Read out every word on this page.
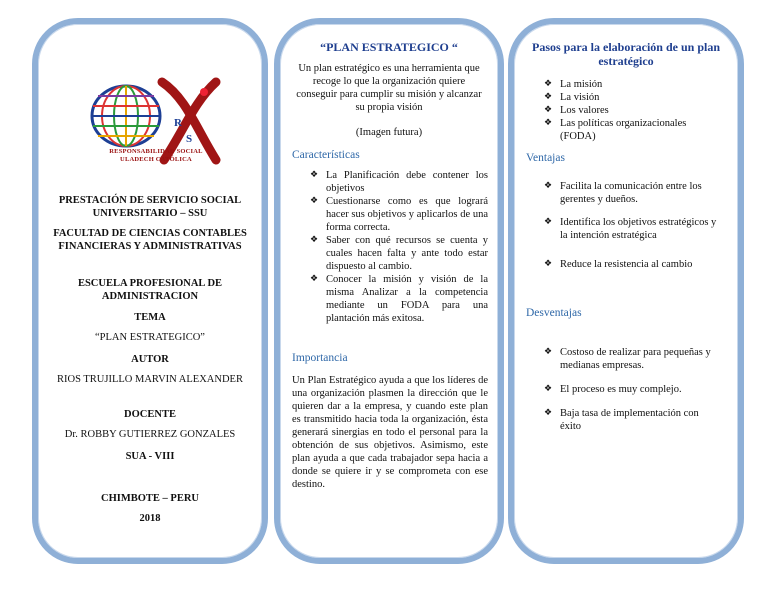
R
S
RESPONSABILIDAD SOCIAL
ULADECH CATÓLICA
PRESTACIÓN DE SERVICIO SOCIAL UNIVERSITARIO – SSU
FACULTAD DE CIENCIAS CONTABLES FINANCIERAS Y ADMINISTRATIVAS
ESCUELA PROFESIONAL DE ADMINISTRACION
TEMA
“PLAN ESTRATEGICO”
AUTOR
RIOS TRUJILLO MARVIN ALEXANDER
DOCENTE
Dr. ROBBY GUTIERREZ GONZALES
SUA - VIII
CHIMBOTE – PERU
2018
“PLAN ESTRATEGICO “
Un plan estratégico es una herramienta que recoge lo que la organización quiere conseguir para cumplir su misión y alcanzar su propia visión
(Imagen futura)
Características
❖ La Planificación debe contener los objetivos
❖ Cuestionarse como es que logrará hacer sus objetivos y aplicarlos de una forma correcta.
❖ Saber con qué recursos se cuenta y cuales hacen falta y ante todo estar dispuesto al cambio.
❖ Conocer la misión y visión de la misma Analizar a la competencia mediante un FODA para una plantación más exitosa.
Importancia
Un Plan Estratégico ayuda a que los líderes de una organización plasmen la dirección que le quieren dar a la empresa, y cuando este plan es transmitido hacia toda la organización, ésta generará sinergias en todo el personal para la obtención de sus objetivos. Asimismo, este plan ayuda a que cada trabajador sepa hacia a donde se quiere ir y se comprometa con ese destino.
Pasos para la elaboración de un plan estratégico
❖ La misión
❖ La visión
❖ Los valores
❖ Las políticas organizacionales (FODA)
Ventajas
❖ Facilita la comunicación entre los gerentes y dueños.
❖ Identifica los objetivos estratégicos y la intención estratégica
❖ Reduce la resistencia al cambio
Desventajas
❖ Costoso de realizar para pequeñas y medianas empresas.
❖ El proceso es muy complejo.
❖ Baja tasa de implementación con éxito
